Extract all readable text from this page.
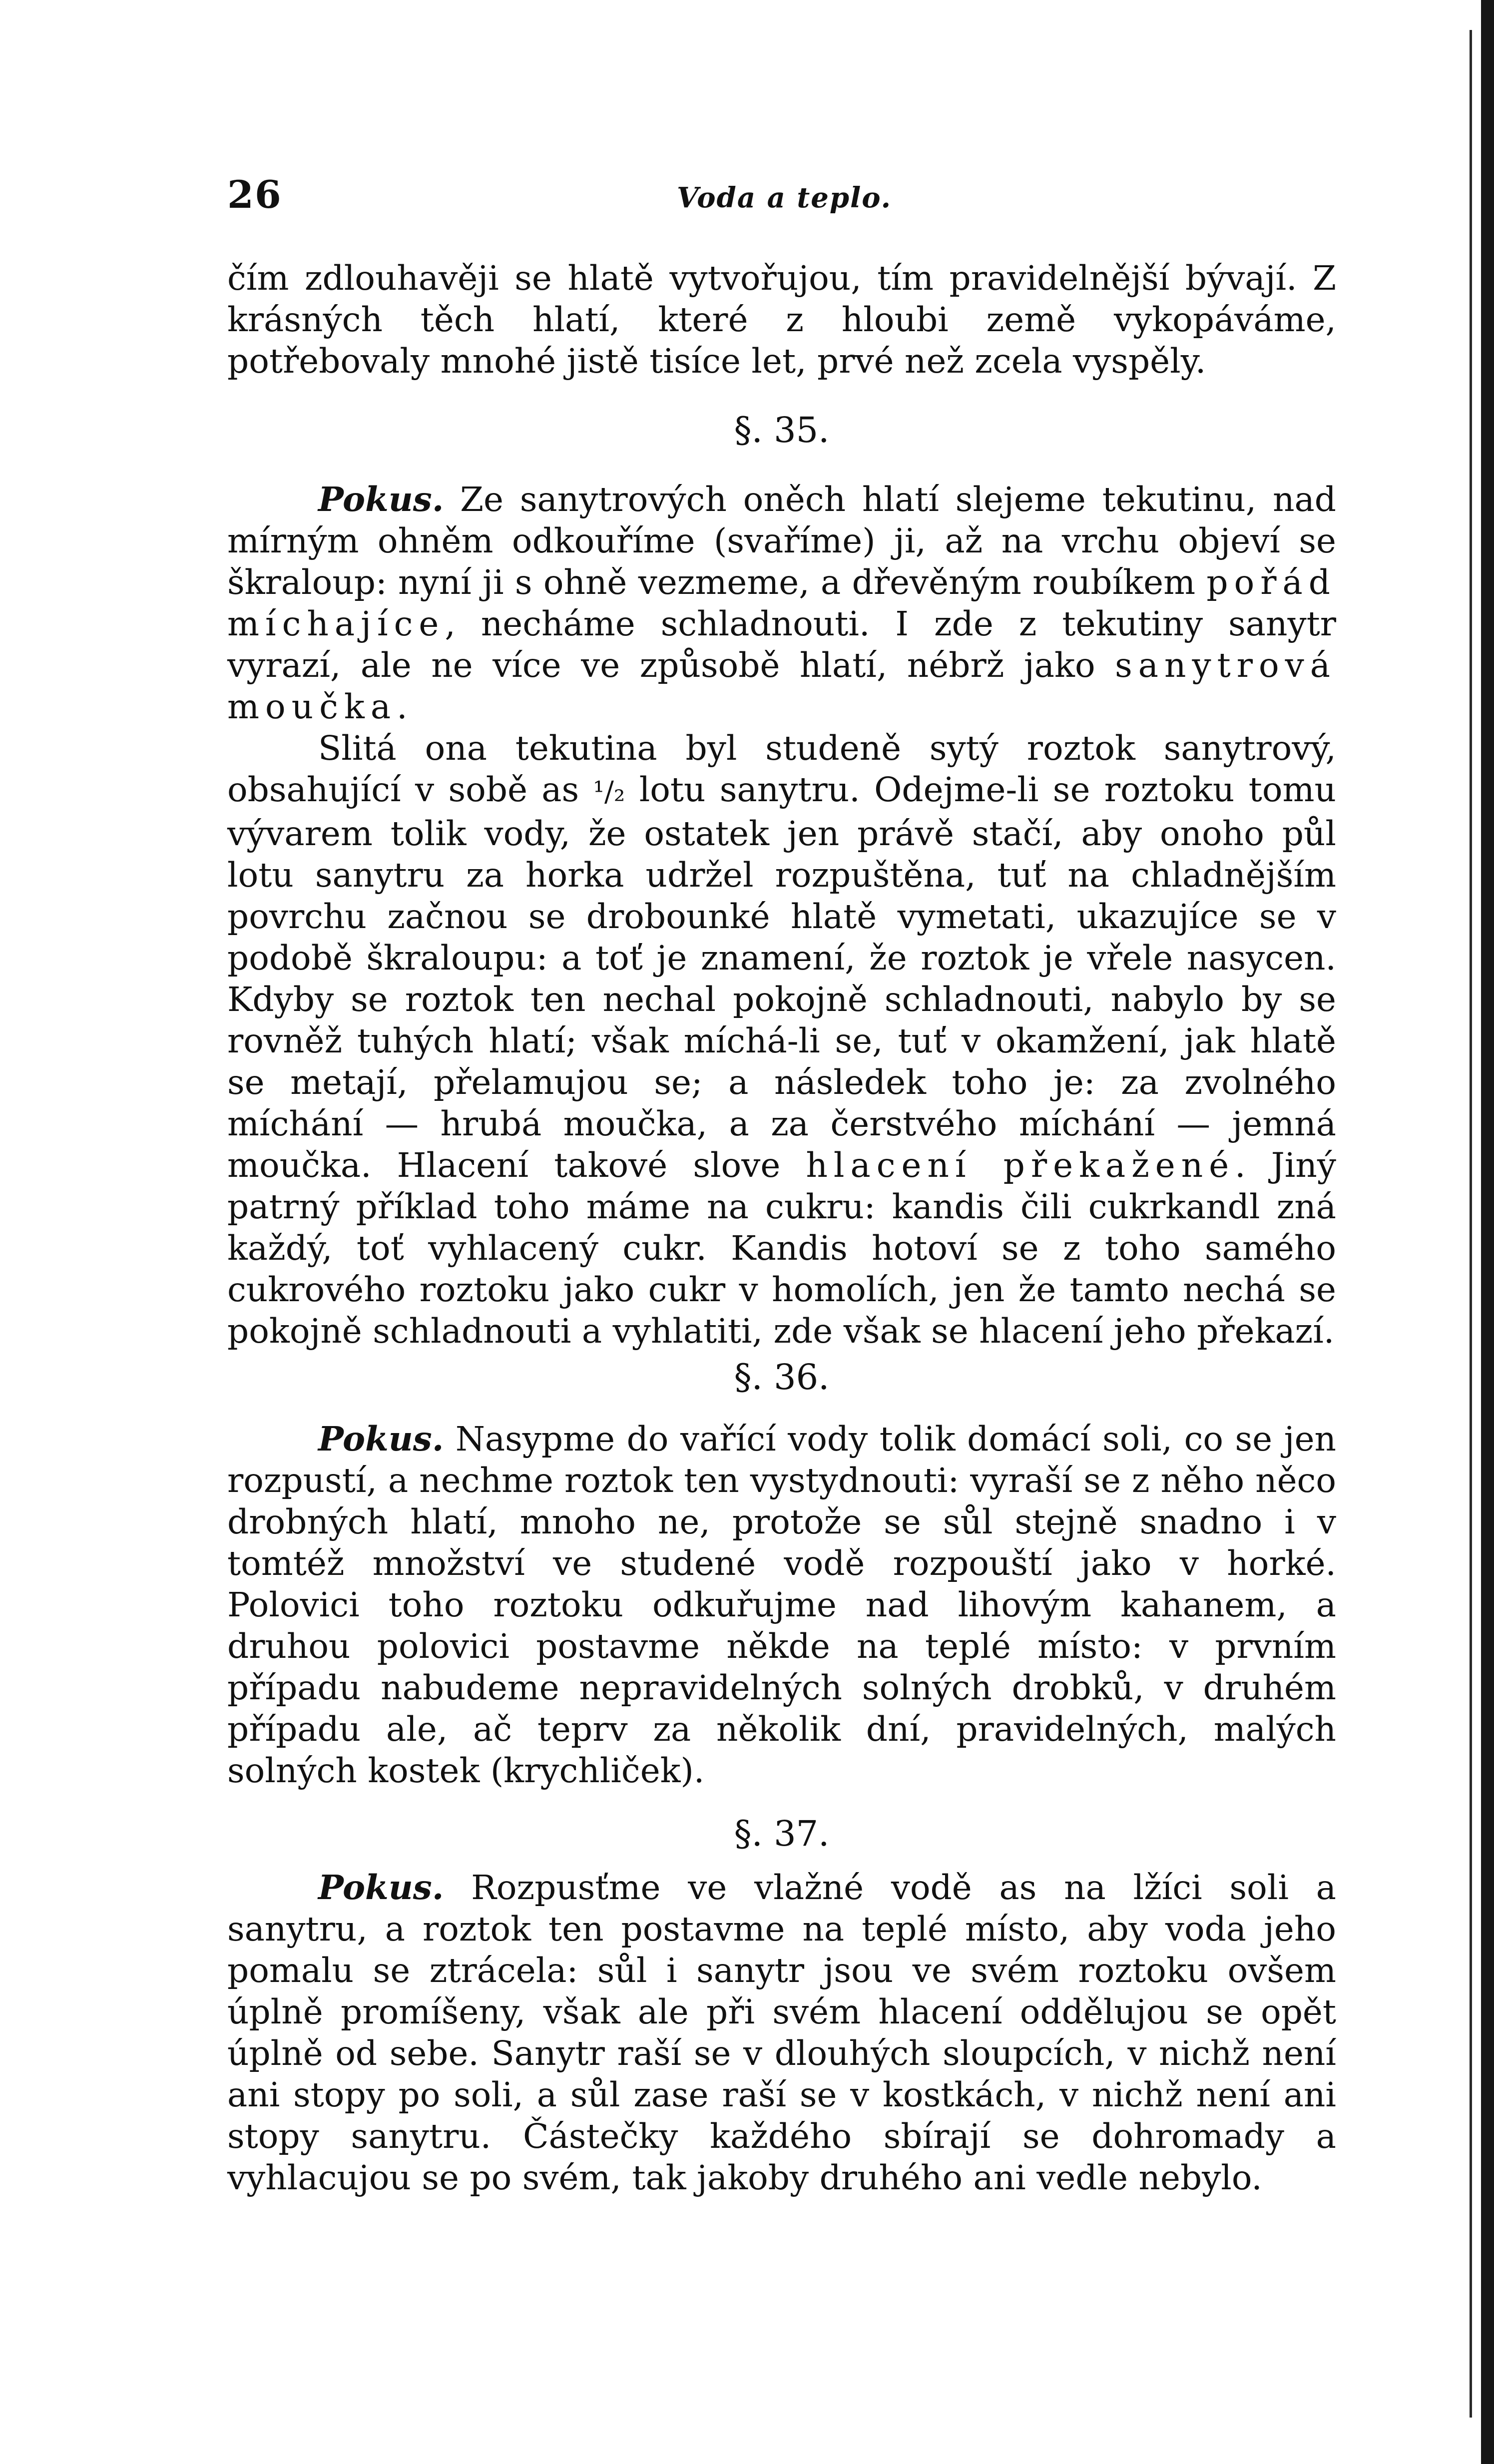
26	Voda a teplo.

čím zdlouhavěji se hlatě vytvořujou, tím pravidelnější bývají. Z krásných těch hlatí, které z hloubi země vykopáváme, potřebovaly mnohé jistě tisíce let, prvé než zcela vyspěly.

§. 35.

Pokus. Ze sanytrových oněch hlatí slejeme tekutinu, nad mírným ohněm odkouříme (svaříme) ji, až na vrchu objeví se škraloup: nyní ji s ohně vezmeme, a dřevěným roubíkem pořád míchajíce, necháme schladnouti. I zde z tekutiny sanytr vyrazí, ale ne více ve způsobě hlatí, nébrž jako sanytrová moučka.

Slitá ona tekutina byl studeně sytý roztok sanytrový, obsahující v sobě as ¹/₂ lotu sanytru. Odejme-li se roztoku tomu vývarem tolik vody, že ostatek jen právě stačí, aby onoho půl lotu sanytru za horka udržel rozpuštěna, tuť na chladnějším povrchu začnou se drobounké hlatě vymetati, ukazujíce se v podobě škraloupu: a toť je znamení, že roztok je vřele nasycen. Kdyby se roztok ten nechal pokojně schladnouti, nabylo by se rovněž tuhých hlatí; však míchá-li se, tuť v okamžení, jak hlatě se metají, přelamujou se; a následek toho je: za zvolného míchání — hrubá moučka, a za čerstvého míchání — jemná moučka. Hlacení takové slove hlacení překažené. Jiný patrný příklad toho máme na cukru: kandis čili cukrkandl zná každý, toť vyhlacený cukr. Kandis hotoví se z toho samého cukrového roztoku jako cukr v homolích, jen že tamto nechá se pokojně schladnouti a vyhlatiti, zde však se hlacení jeho překazí.

§. 36.

Pokus. Nasypme do vařící vody tolik domácí soli, co se jen rozpustí, a nechme roztok ten vystydnouti: vyraší se z něho něco drobných hlatí, mnoho ne, protože se sůl stejně snadno i v tomtéž množství ve studené vodě rozpouští jako v horké. Polovici toho roztoku odkuřujme nad lihovým kahanem, a druhou polovici postavme někde na teplé místo: v prvním případu nabudeme nepravidelných solných drobků, v druhém případu ale, ač teprv za několik dní, pravidelných, malých solných kostek (krychliček).

§. 37.

Pokus. Rozpusťme ve vlažné vodě as na lžíci soli a sanytru, a roztok ten postavme na teplé místo, aby voda jeho pomalu se ztrácela: sůl i sanytr jsou ve svém roztoku ovšem úplně promíšeny, však ale při svém hlacení oddělujou se opět úplně od sebe. Sanytr raší se v dlouhých sloupcích, v nichž není ani stopy po soli, a sůl zase raší se v kostkách, v nichž není ani stopy sanytru. Částečky každého sbírají se dohromady a vyhlacujou se po svém, tak jakoby druhého ani vedle nebylo.
